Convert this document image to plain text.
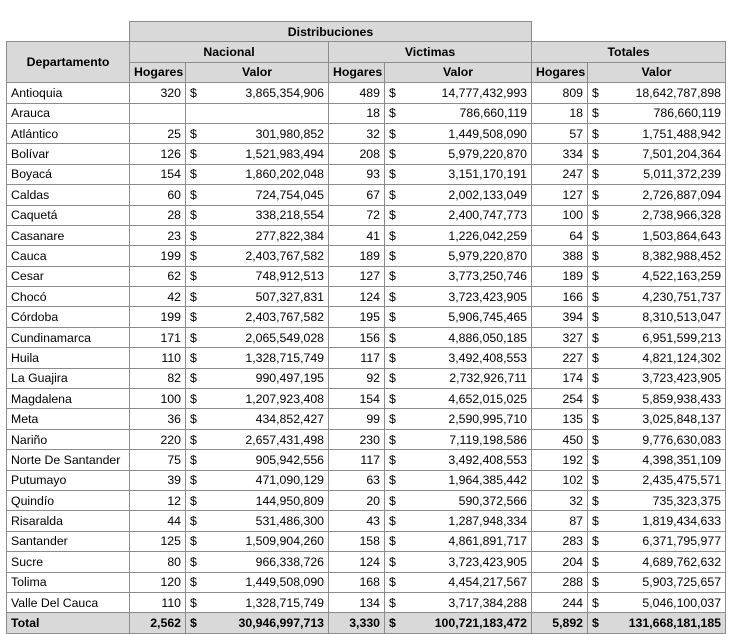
	Distribuciones								
Departamento	Nacional			Victimas			Totales		
	Hogares	Valor		Hogares	Valor		Hogares	Valor	
Antioquia	320	$	3,865,354,906	489	$	14,777,432,993	809	$	18,642,787,898
Arauca				18	$	786,660,119	18	$	786,660,119
Atlántico	25	$	301,980,852	32	$	1,449,508,090	57	$	1,751,488,942
Bolívar	126	$	1,521,983,494	208	$	5,979,220,870	334	$	7,501,204,364
Boyacá	154	$	1,860,202,048	93	$	3,151,170,191	247	$	5,011,372,239
Caldas	60	$	724,754,045	67	$	2,002,133,049	127	$	2,726,887,094
Caquetá	28	$	338,218,554	72	$	2,400,747,773	100	$	2,738,966,328
Casanare	23	$	277,822,384	41	$	1,226,042,259	64	$	1,503,864,643
Cauca	199	$	2,403,767,582	189	$	5,979,220,870	388	$	8,382,988,452
Cesar	62	$	748,912,513	127	$	3,773,250,746	189	$	4,522,163,259
Chocó	42	$	507,327,831	124	$	3,723,423,905	166	$	4,230,751,737
Córdoba	199	$	2,403,767,582	195	$	5,906,745,465	394	$	8,310,513,047
Cundinamarca	171	$	2,065,549,028	156	$	4,886,050,185	327	$	6,951,599,213
Huila	110	$	1,328,715,749	117	$	3,492,408,553	227	$	4,821,124,302
La Guajira	82	$	990,497,195	92	$	2,732,926,711	174	$	3,723,423,905
Magdalena	100	$	1,207,923,408	154	$	4,652,015,025	254	$	5,859,938,433
Meta	36	$	434,852,427	99	$	2,590,995,710	135	$	3,025,848,137
Nariño	220	$	2,657,431,498	230	$	7,119,198,586	450	$	9,776,630,083
Norte De Santander	75	$	905,942,556	117	$	3,492,408,553	192	$	4,398,351,109
Putumayo	39	$	471,090,129	63	$	1,964,385,442	102	$	2,435,475,571
Quindío	12	$	144,950,809	20	$	590,372,566	32	$	735,323,375
Risaralda	44	$	531,486,300	43	$	1,287,948,334	87	$	1,819,434,633
Santander	125	$	1,509,904,260	158	$	4,861,891,717	283	$	6,371,795,977
Sucre	80	$	966,338,726	124	$	3,723,423,905	204	$	4,689,762,632
Tolima	120	$	1,449,508,090	168	$	4,454,217,567	288	$	5,903,725,657
Valle Del Cauca	110	$	1,328,715,749	134	$	3,717,384,288	244	$	5,046,100,037
Total	2,562	$	30,946,997,713	3,330	$	100,721,183,472	5,892	$	131,668,181,185
